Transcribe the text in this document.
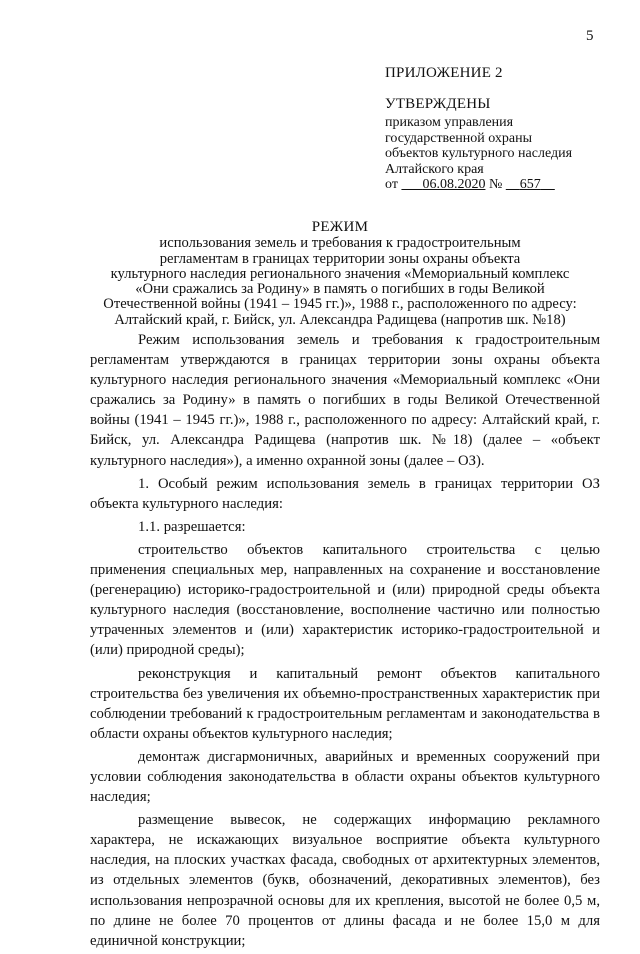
5
ПРИЛОЖЕНИЕ 2
УТВЕРЖДЕНЫ
приказом управления
государственной охраны
объектов культурного наследия
Алтайского края
от 06.08.2020 № 657
РЕЖИМ
использования земель и требования к градостроительным
регламентам в границах территории зоны охраны объекта
культурного наследия регионального значения «Мемориальный комплекс
«Они сражались за Родину» в память о погибших в годы Великой
Отечественной войны (1941 – 1945 гг.)», 1988 г., расположенного по адресу:
Алтайский край, г. Бийск, ул. Александра Радищева (напротив шк. №18)

Режим использования земель и требования к градостроительным регламентам утверждаются в границах территории зоны охраны объекта культурного наследия регионального значения «Мемориальный комплекс «Они сражались за Родину» в память о погибших в годы Великой Отечественной войны (1941 – 1945 гг.)», 1988 г., расположенного по адресу: Алтайский край, г. Бийск, ул. Александра Радищева (напротив шк. №18) (далее – «объект культурного наследия»), а именно охранной зоны (далее – ОЗ).

1. Особый режим использования земель в границах территории ОЗ объекта культурного наследия:

1.1. разрешается:

строительство объектов капитального строительства с целью применения специальных мер, направленных на сохранение и восстановление (регенерацию) историко-градостроительной и (или) природной среды объекта культурного наследия (восстановление, восполнение частично или полностью утраченных элементов и (или) характеристик историко-градостроительной и (или) природной среды);

реконструкция и капитальный ремонт объектов капитального строительства без увеличения их объемно-пространственных характеристик при соблюдении требований к градостроительным регламентам и законодательства в области охраны объектов культурного наследия;

демонтаж дисгармоничных, аварийных и временных сооружений при условии соблюдения законодательства в области охраны объектов культурного наследия;

размещение вывесок, не содержащих информацию рекламного характера, не искажающих визуальное восприятие объекта культурного наследия, на плоских участках фасада, свободных от архитектурных элементов, из отдельных элементов (букв, обозначений, декоративных элементов), без использования непрозрачной основы для их крепления, высотой не более 0,5 м, по длине не более 70 процентов от длины фасада и не более 15,0 м для единичной конструкции;
